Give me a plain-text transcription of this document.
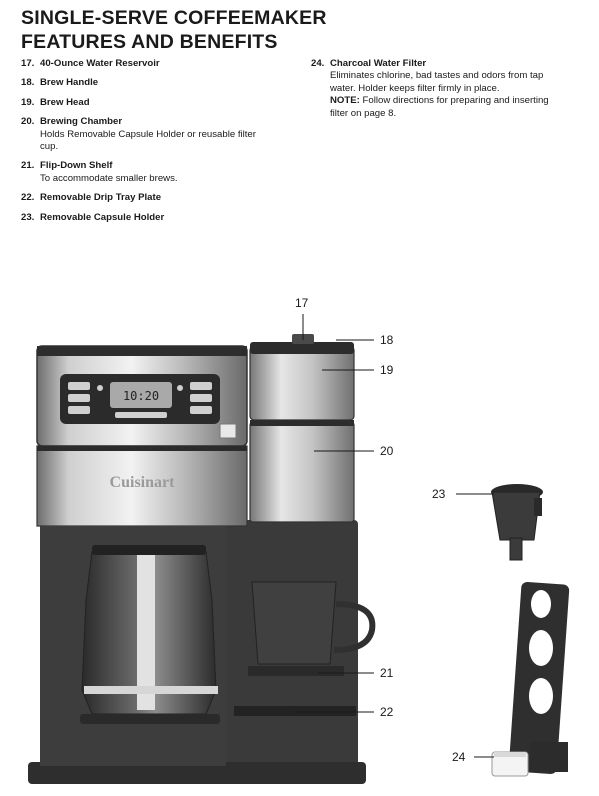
SINGLE-SERVE COFFEEMAKER
FEATURES AND BENEFITS
17. 40-Ounce Water Reservoir
18. Brew Handle
19. Brew Head
20. Brewing Chamber
Holds Removable Capsule Holder or reusable filter cup.
21. Flip-Down Shelf
To accommodate smaller brews.
22. Removable Drip Tray Plate
23. Removable Capsule Holder
24. Charcoal Water Filter
Eliminates chlorine, bad tastes and odors from tap water. Holder keeps filter firmly in place.
NOTE: Follow directions for preparing and inserting filter on page 8.
10:20
Cuisinart
17
18
19
20
21
22
23
24
